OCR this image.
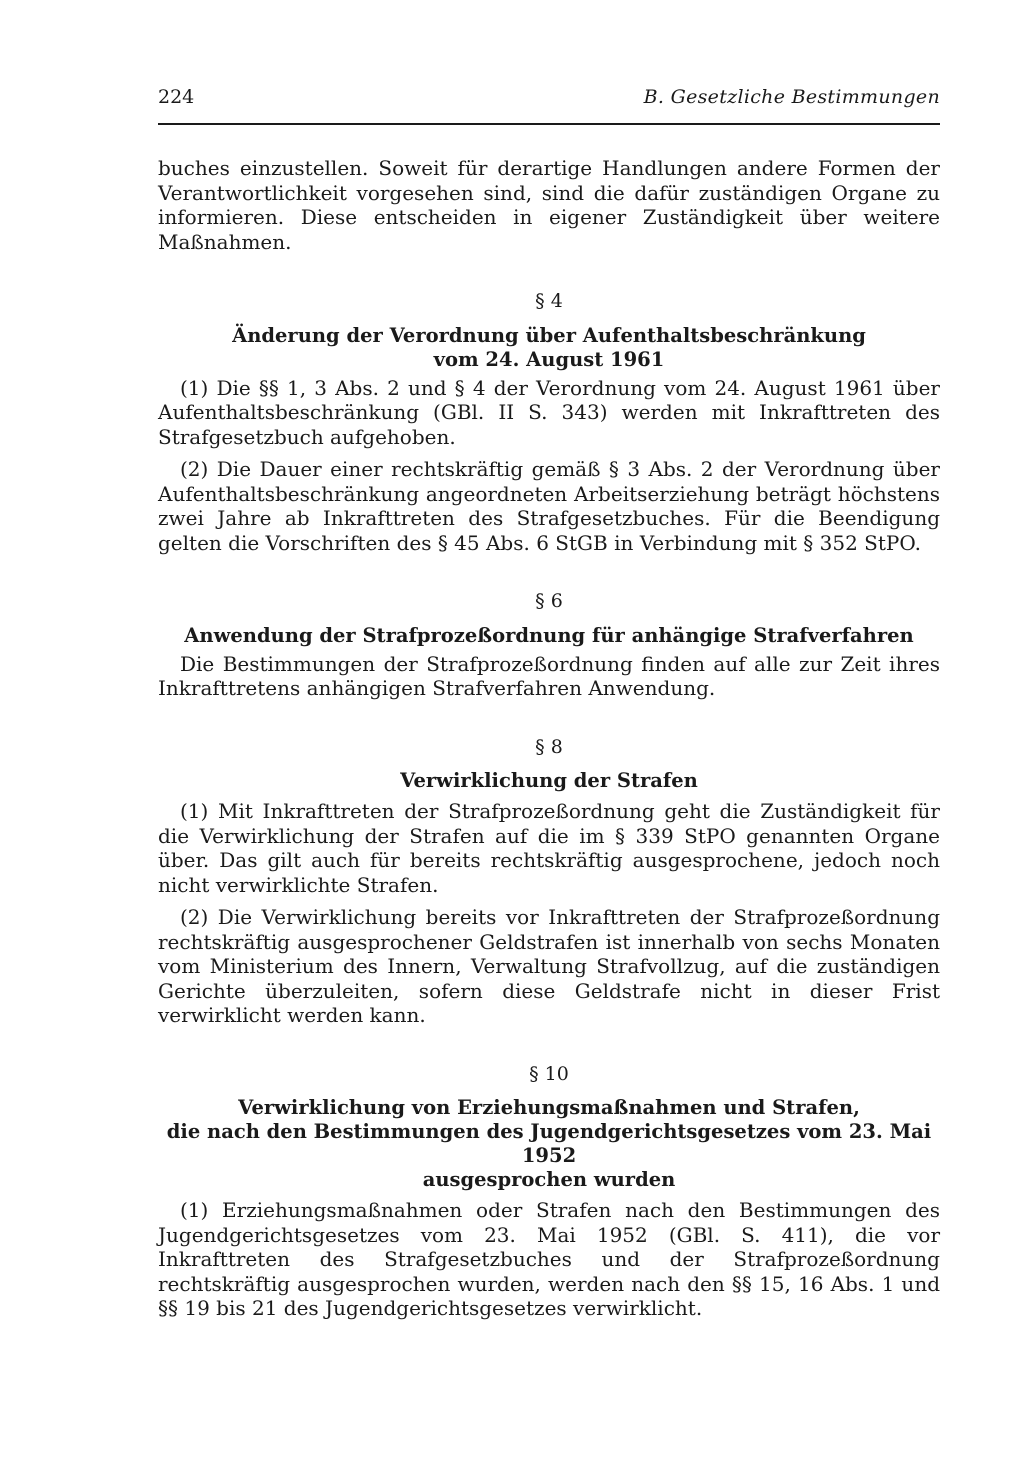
224	B. Gesetzliche Bestimmungen

buches einzustellen. Soweit für derartige Handlungen andere Formen der Verantwortlichkeit vorgesehen sind, sind die dafür zuständigen Organe zu informieren. Diese entscheiden in eigener Zuständigkeit über weitere Maßnahmen.

§ 4

Änderung der Verordnung über Aufenthaltsbeschränkung

vom 24. August 1961

(1) Die §§ 1, 3 Abs. 2 und § 4 der Verordnung vom 24. August 1961 über Aufenthaltsbeschränkung (GBl. II S. 343) werden mit Inkrafttreten des Strafgesetzbuch aufgehoben.

(2) Die Dauer einer rechtskräftig gemäß § 3 Abs. 2 der Verordnung über Aufenthaltsbeschränkung angeordneten Arbeitserziehung beträgt höchstens zwei Jahre ab Inkrafttreten des Strafgesetzbuches. Für die Beendigung gelten die Vorschriften des § 45 Abs. 6 StGB in Verbindung mit § 352 StPO.

§ 6

Anwendung der Strafprozeßordnung für anhängige Strafverfahren

Die Bestimmungen der Strafprozeßordnung finden auf alle zur Zeit ihres Inkrafttretens anhängigen Strafverfahren Anwendung.

§ 8

Verwirklichung der Strafen

(1) Mit Inkrafttreten der Strafprozeßordnung geht die Zuständigkeit für die Verwirklichung der Strafen auf die im § 339 StPO genannten Organe über. Das gilt auch für bereits rechtskräftig ausgesprochene, jedoch noch nicht verwirklichte Strafen.

(2) Die Verwirklichung bereits vor Inkrafttreten der Strafprozeßordnung rechtskräftig ausgesprochener Geldstrafen ist innerhalb von sechs Monaten vom Ministerium des Innern, Verwaltung Strafvollzug, auf die zuständigen Gerichte überzuleiten, sofern diese Geldstrafe nicht in dieser Frist verwirklicht werden kann.

§ 10

Verwirklichung von Erziehungsmaßnahmen und Strafen,

die nach den Bestimmungen des Jugendgerichtsgesetzes vom 23. Mai 1952

ausgesprochen wurden

(1) Erziehungsmaßnahmen oder Strafen nach den Bestimmungen des Jugendgerichtsgesetzes vom 23. Mai 1952 (GBl. S. 411), die vor Inkrafttreten des Strafgesetzbuches und der Strafprozeßordnung rechtskräftig ausgesprochen wurden, werden nach den §§ 15, 16 Abs. 1 und §§ 19 bis 21 des Jugendgerichtsgesetzes verwirklicht.
